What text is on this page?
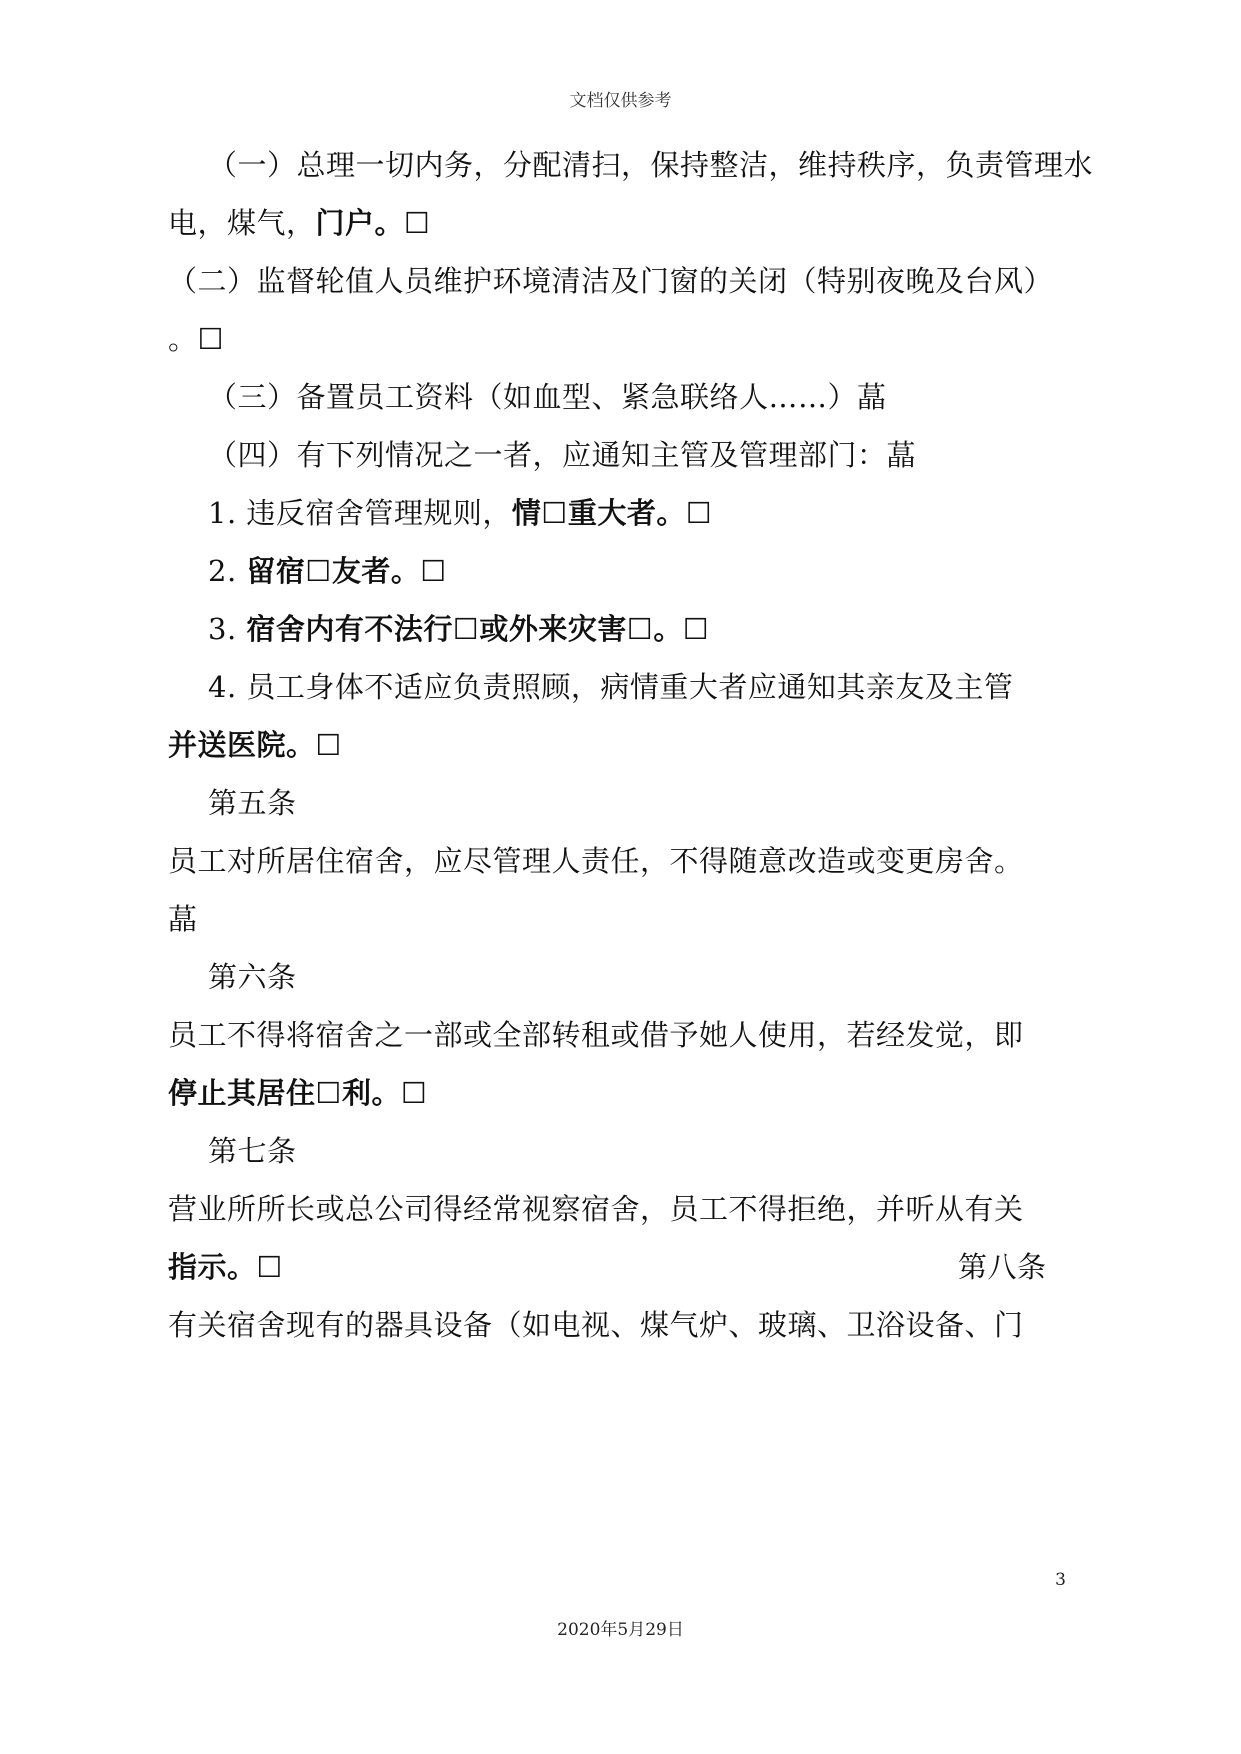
文档仅供参考
（一）总理一切内务，分配清扫，保持整洁，维持秩序，负责管理水
电，煤气，门户。☐
（二）监督轮值人员维护环境清洁及门窗的关闭（特别夜晚及台风）
。☐
（三）备置员工资料（如血型、紧急联络人……）蕌
（四）有下列情况之一者，应通知主管及管理部门：蕌
1. 违反宿舍管理规则，情☐重大者。☐
2. 留宿☐友者。☐
3. 宿舍内有不法行☐或外来灾害☐。☐
4. 员工身体不适应负责照顾，病情重大者应通知其亲友及主管
并送医院。☐
第五条
员工对所居住宿舍，应尽管理人责任，不得随意改造或变更房舍。
蕌
第六条
员工不得将宿舍之一部或全部转租或借予她人使用，若经发觉，即
停止其居住☐利。☐
第七条
营业所所长或总公司得经常视察宿舍，员工不得拒绝，并听从有关
指示。☐	第八条
有关宿舍现有的器具设备（如电视、煤气炉、玻璃、卫浴设备、门
3
2020年5月29日
